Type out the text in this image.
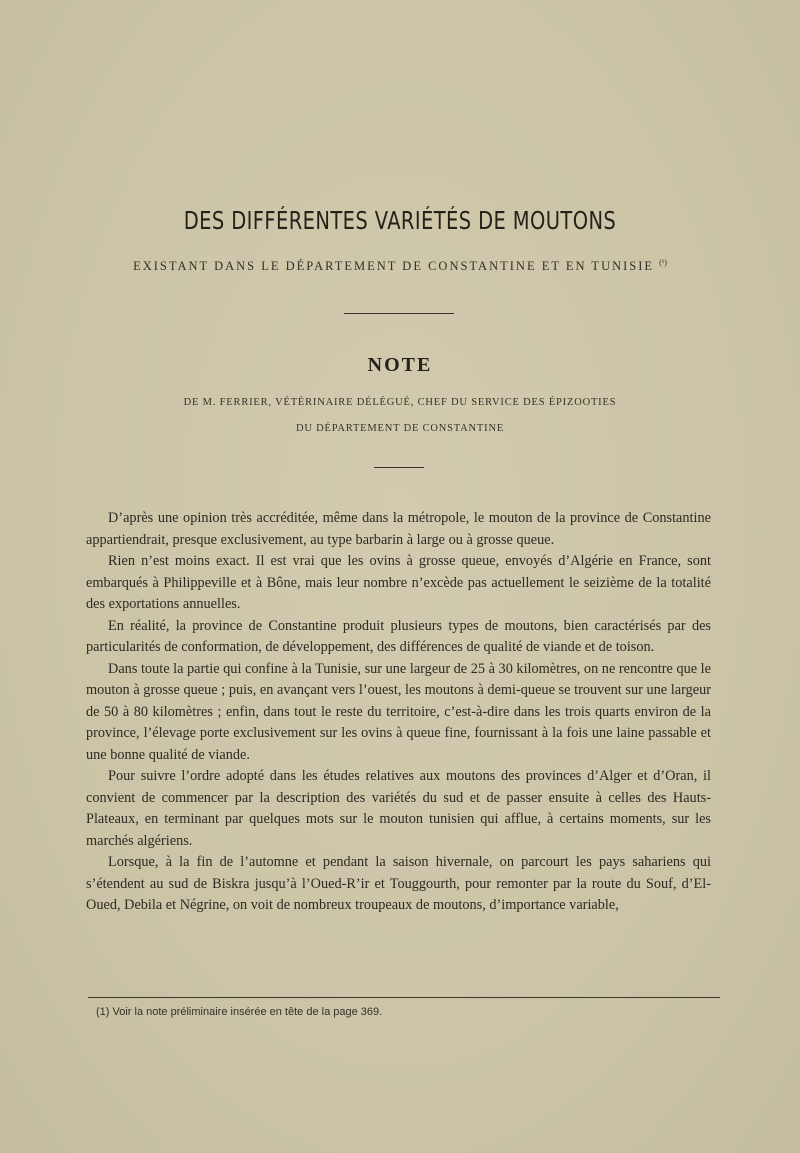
DES DIFFÉRENTES VARIÉTÉS DE MOUTONS
EXISTANT DANS LE DÉPARTEMENT DE CONSTANTINE ET EN TUNISIE $^{(^1)}$
NOTE
DE M. FERRIER, VÉTÉRINAIRE DÉLÉGUÉ, CHEF DU SERVICE DES ÉPIZOOTIES
DU DÉPARTEMENT DE CONSTANTINE

D’après une opinion très accréditée, même dans la métropole, le mouton de la province de Constantine appartiendrait, presque exclusivement, au type barbarin à large ou à grosse queue.

Rien n’est moins exact. Il est vrai que les ovins à grosse queue, envoyés d’Algérie en France, sont embarqués à Philippeville et à Bône, mais leur nombre n’excède pas actuellement le seizième de la totalité des exportations annuelles.

En réalité, la province de Constantine produit plusieurs types de moutons, bien caractérisés par des particularités de conformation, de développement, des différences de qualité de viande et de toison.

Dans toute la partie qui confine à la Tunisie, sur une largeur de 25 à 30 kilomètres, on ne rencontre que le mouton à grosse queue ; puis, en avançant vers l’ouest, les moutons à demi-queue se trouvent sur une largeur de 50 à 80 kilomètres ; enfin, dans tout le reste du territoire, c’est-à-dire dans les trois quarts environ de la province, l’élevage porte exclusivement sur les ovins à queue fine, fournissant à la fois une laine passable et une bonne qualité de viande.

Pour suivre l’ordre adopté dans les études relatives aux moutons des provinces d’Alger et d’Oran, il convient de commencer par la description des variétés du sud et de passer ensuite à celles des Hauts-Plateaux, en terminant par quelques mots sur le mouton tunisien qui afflue, à certains moments, sur les marchés algériens.

Lorsque, à la fin de l’automne et pendant la saison hivernale, on parcourt les pays sahariens qui s’étendent au sud de Biskra jusqu’à l’Oued-R’ir et Touggourth, pour remonter par la route du Souf, d’El-Oued, Debila et Négrine, on voit de nombreux troupeaux de moutons, d’importance variable,

(1) Voir la note préliminaire insérée en tête de la page 369.
